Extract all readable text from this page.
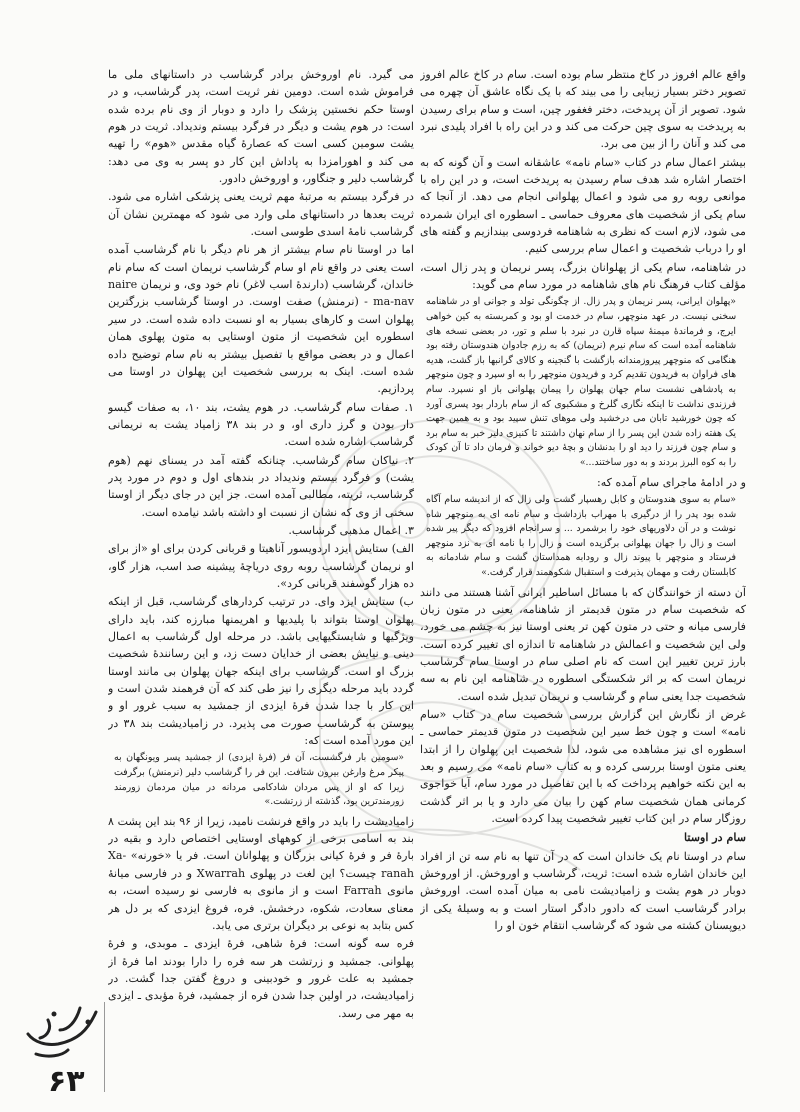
واقع عالم افروز در کاخ منتظر سام بوده است. سام در کاخ عالم افروز تصویر دختر بسیار زیبایی را می بیند که با یک نگاه عاشق آن چهره می شود. تصویر از آن پریدخت، دختر فغفور چین، است و سام برای رسیدن به پریدخت به سوی چین حرکت می کند و در این راه با افراد پلیدی نبرد می کند و آنان را از بین می برد.

بیشتر اعمال سام در کتاب «سام نامه» عاشقانه است و آن گونه که به اختصار اشاره شد هدف سام رسیدن به پریدخت است، و در این راه با موانعی روبه رو می شود و اعمال پهلوانی انجام می دهد. از آنجا که سام یکی از شخصیت های معروف حماسی ـ اسطوره ای ایران شمرده می شود، لازم است که نظری به شاهنامه فردوسی بیندازیم و گفته های او را درباب شخصیت و اعمال سام بررسی کنیم.

در شاهنامه، سام یکی از پهلوانان بزرگ، پسر نریمان و پدر زال است، مؤلف کتاب فرهنگ نام های شاهنامه در مورد سام می گوید:

«پهلوان ایرانی، پسر نریمان و پدر زال. از چگونگی تولد و جوانی او در شاهنامه سخنی نیست. در عهد منوچهر، سام در خدمت او بود و کمربسته به کین خواهی ایرج، و فرماندهٔ میمنهٔ سپاه قارن در نبرد با سلم و تور، در بعضی نسخه های شاهنامه آمده است که سام نیرم (نریمان) که به رزم جادوان هندوستان رفته بود هنگامی که منوچهر پیروزمندانه بازگشت با گنجینه و کالای گرانبها باز گشت، هدیه های فراوان به فریدون تقدیم کرد و فریدون منوچهر را به او سپرد و چون منوچهر به پادشاهی نشست سام جهان پهلوان را پیمان پهلوانی باز او نسپرد. سام فرزندی نداشت تا اینکه نگاری گلرخ و مشکبوی که از سام باردار بود پسری آورد که چون خورشید تابان می درخشید ولی موهای تنش سپید بود و به همین جهت یک هفته زاده شدن این پسر را از سام نهان داشتند تا کنیزی دلیر خبر به سام برد و سام چون فرزند را دید او را بدنشان و بچهٔ دیو خواند و فرمان داد تا آن کودک را به کوه البرز بردند و به دور ساختند...»

و در ادامهٔ ماجرای سام آمده که:

«سام به سوی هندوستان و کابل رهسپار گشت ولی زال که از اندیشه سام آگاه شده بود پدر را از درگیری با مهراب بازداشت و سام نامه ای به منوچهر شاه نوشت و در آن دلاوریهای خود را برشمرد ... و سرانجام افزود که دیگر پیر شده است و زال را جهان پهلوانی برگزیده است و زال را با نامه ای به نزد منوچهر فرستاد و منوچهر با پیوند زال و رودابه همداستان گشت و سام شادمانه به کابلستان رفت و مهمان پذیرفت و استقبال شکوهمند قرار گرفت.»

آن دسته از خوانندگان که با مسائل اساطیر ایرانی آشنا هستند می دانند که شخصیت سام در متون قدیمتر از شاهنامه، یعنی در متون زبان فارسی میانه و حتی در متون کهن تر یعنی اوستا نیز به چشم می خورد، ولی این شخصیت و اعمالش در شاهنامه تا اندازه ای تغییر کرده است. بارز ترین تغییر این است که نام اصلی سام در اوستا سام گرشاسب نریمان است که بر اثر شکستگی اسطوره در شاهنامه این نام به سه شخصیت جدا یعنی سام و گرشاسب و نریمان تبدیل شده است.

غرض از نگارش این گزارش بررسی شخصیت سام در کتاب «سام نامه» است و چون خط سیر این شخصیت در متون قدیمتر حماسی ـ اسطوره ای نیز مشاهده می شود، لذا شخصیت این پهلوان را از ابتدا یعنی متون اوستا بررسی کرده و به کتاب «سام نامه» می رسیم و بعد به این نکته خواهیم پرداخت که با این تفاصیل در مورد سام، آیا خواجوی کرمانی همان شخصیت سام کهن را بیان می دارد و یا بر اثر گذشت روزگار سام در این کتاب تغییر شخصیت پیدا کرده است.

سام در اوستا

سام در اوستا نام یک خاندان است که در آن تنها به نام سه تن از افراد این خاندان اشاره شده است: ثریت، گرشاسب و اوروخش. از اوروخش دوبار در هوم یشت و زامیادیشت نامی به میان آمده است. اوروخش برادر گرشاسب است که دادور دادگر استار است و به وسیلهٔ یکی از دیوپسنان کشته می شود که گرشاسب انتقام خون او را

می گیرد. نام اوروخش برادر گرشاسب در داستانهای ملی ما فراموش شده است. دومین نفر ثریت است، پدر گرشاسب، و در اوستا حکم نخستین پزشک را دارد و دوبار از وی نام برده شده است: در هوم یشت و دیگر در فرگرد بیستم وندیداد. ثریت در هوم یشت سومین کسی است که عصارهٔ گیاه مقدس «هوم» را تهیه می کند و اهورامزدا به پاداش این کار دو پسر به وی می دهد: گرشاسب دلیر و جنگاور، و اوروخش دادور.

در فرگرد بیستم به مرتبهٔ مهم ثریت یعنی پزشکی اشاره می شود. ثریت بعدها در داستانهای ملی وارد می شود که مهمترین نشان آن گرشاسب نامهٔ اسدی طوسی است.

اما در اوستا نام سام بیشتر از هر نام دیگر با نام گرشاسب آمده است یعنی در واقع نام او سام گرشاسب نریمان است که سام نام خاندان، گرشاسب (دارندهٔ اسب لاغر) نام خود وی، و نریمان naire - ma-nav (نرمنش) صفت اوست. در اوستا گرشاسب بزرگترین پهلوان است و کارهای بسیار به او نسبت داده شده است. در سیر اسطوره این شخصیت از متون اوستایی به متون پهلوی همان اعمال و در بعضی مواقع با تفصیل بیشتر به نام سام توضیح داده شده است. اینک به بررسی شخصیت این پهلوان در اوستا می پردازیم.

۱. صفات سام گرشاسب. در هوم یشت، بند ۱۰، به صفات گیسو دار بودن و گرز داری او، و در بند ۳۸ زامیاد یشت به نریمانی گرشاسب اشاره شده است.

۲. نیاکان سام گرشاسب. چنانکه گفته آمد در یسنای نهم (هوم یشت) و فرگرد بیستم وندیداد در بندهای اول و دوم در مورد پدر گرشاسب، ثریته، مطالبی آمده است. جز این در جای دیگر از اوستا سخنی از وی که نشان از نسبت او داشته باشد نیامده است.

۳. اعمال مذهبی گرشاسب.

الف) ستایش ایزد اردویسور آناهیتا و قربانی کردن برای او «از برای او نریمان گرشاسب روبه روی دریاچهٔ پیشینه صد اسب، هزار گاو، ده هزار گوسفند قربانی کرد».

ب) ستایش ایزد وای. در ترتیب کردارهای گرشاسب، قبل از اینکه پهلوان اوستا بتواند با پلیدیها و اهریمنها مبارزه کند، باید دارای ویژگیها و شایستگیهایی باشد. در مرحله اول گرشاسب به اعمال دینی و نیایش بعضی از خدایان دست زد، و این رسانندهٔ شخصیت بزرگ او است. گرشاسب برای اینکه جهان پهلوان بی مانند اوستا گردد باید مرحله دیگری را نیز طی کند که آن فرهمند شدن است و این کار با جدا شدن فرهٔ ایزدی از جمشید به سبب غرور او و پیوستن به گرشاسب صورت می پذیرد. در زامیادیشت بند ۳۸ در این مورد آمده است که:

«سومین بار فرگشست، آن فر (فرهٔ ایزدی) از جمشید پسر ویونگهان به پیکر مرغ وارغن بیرون شتافت. این فر را گرشاسب دلیر (نرمنش) برگرفت زیرا که او از پس مردان شادکامی مردانه در میان مردمان زورمند زورمندترین بود، گذشته از زرتشت.»

زامیادیشت را باید در واقع فرنشت نامید، زیرا از ۹۶ بند این پشت ۸ بند به اسامی برخی از کوههای اوستایی اختصاص دارد و بقیه در بارهٔ فر و فرهٔ کیانی بزرگان و پهلوانان است. فر یا «خورنه» Xa-ranah چیست؟ این لغت در پهلوی Xwarrah و در فارسی میانهٔ مانوی Farrah است و از مانوی به فارسی نو رسیده است، به معنای سعادت، شکوه، درخشش. فره، فروغ ایزدی که بر دل هر کس بتابد به نوعی بر دیگران برتری می یابد.

فره سه گونه است: فرهٔ شاهی، فرهٔ ایزدی ـ موبدی، و فرهٔ پهلوانی. جمشید و زرتشت هر سه فره را دارا بودند اما فرهٔ از جمشید به علت غرور و خودبینی و دروغ گفتن جدا گشت. در زامیادیشت، در اولین جدا شدن فره از جمشید، فرهٔ مؤبدی ـ ایزدی به مهر می رسد.

۶۳
